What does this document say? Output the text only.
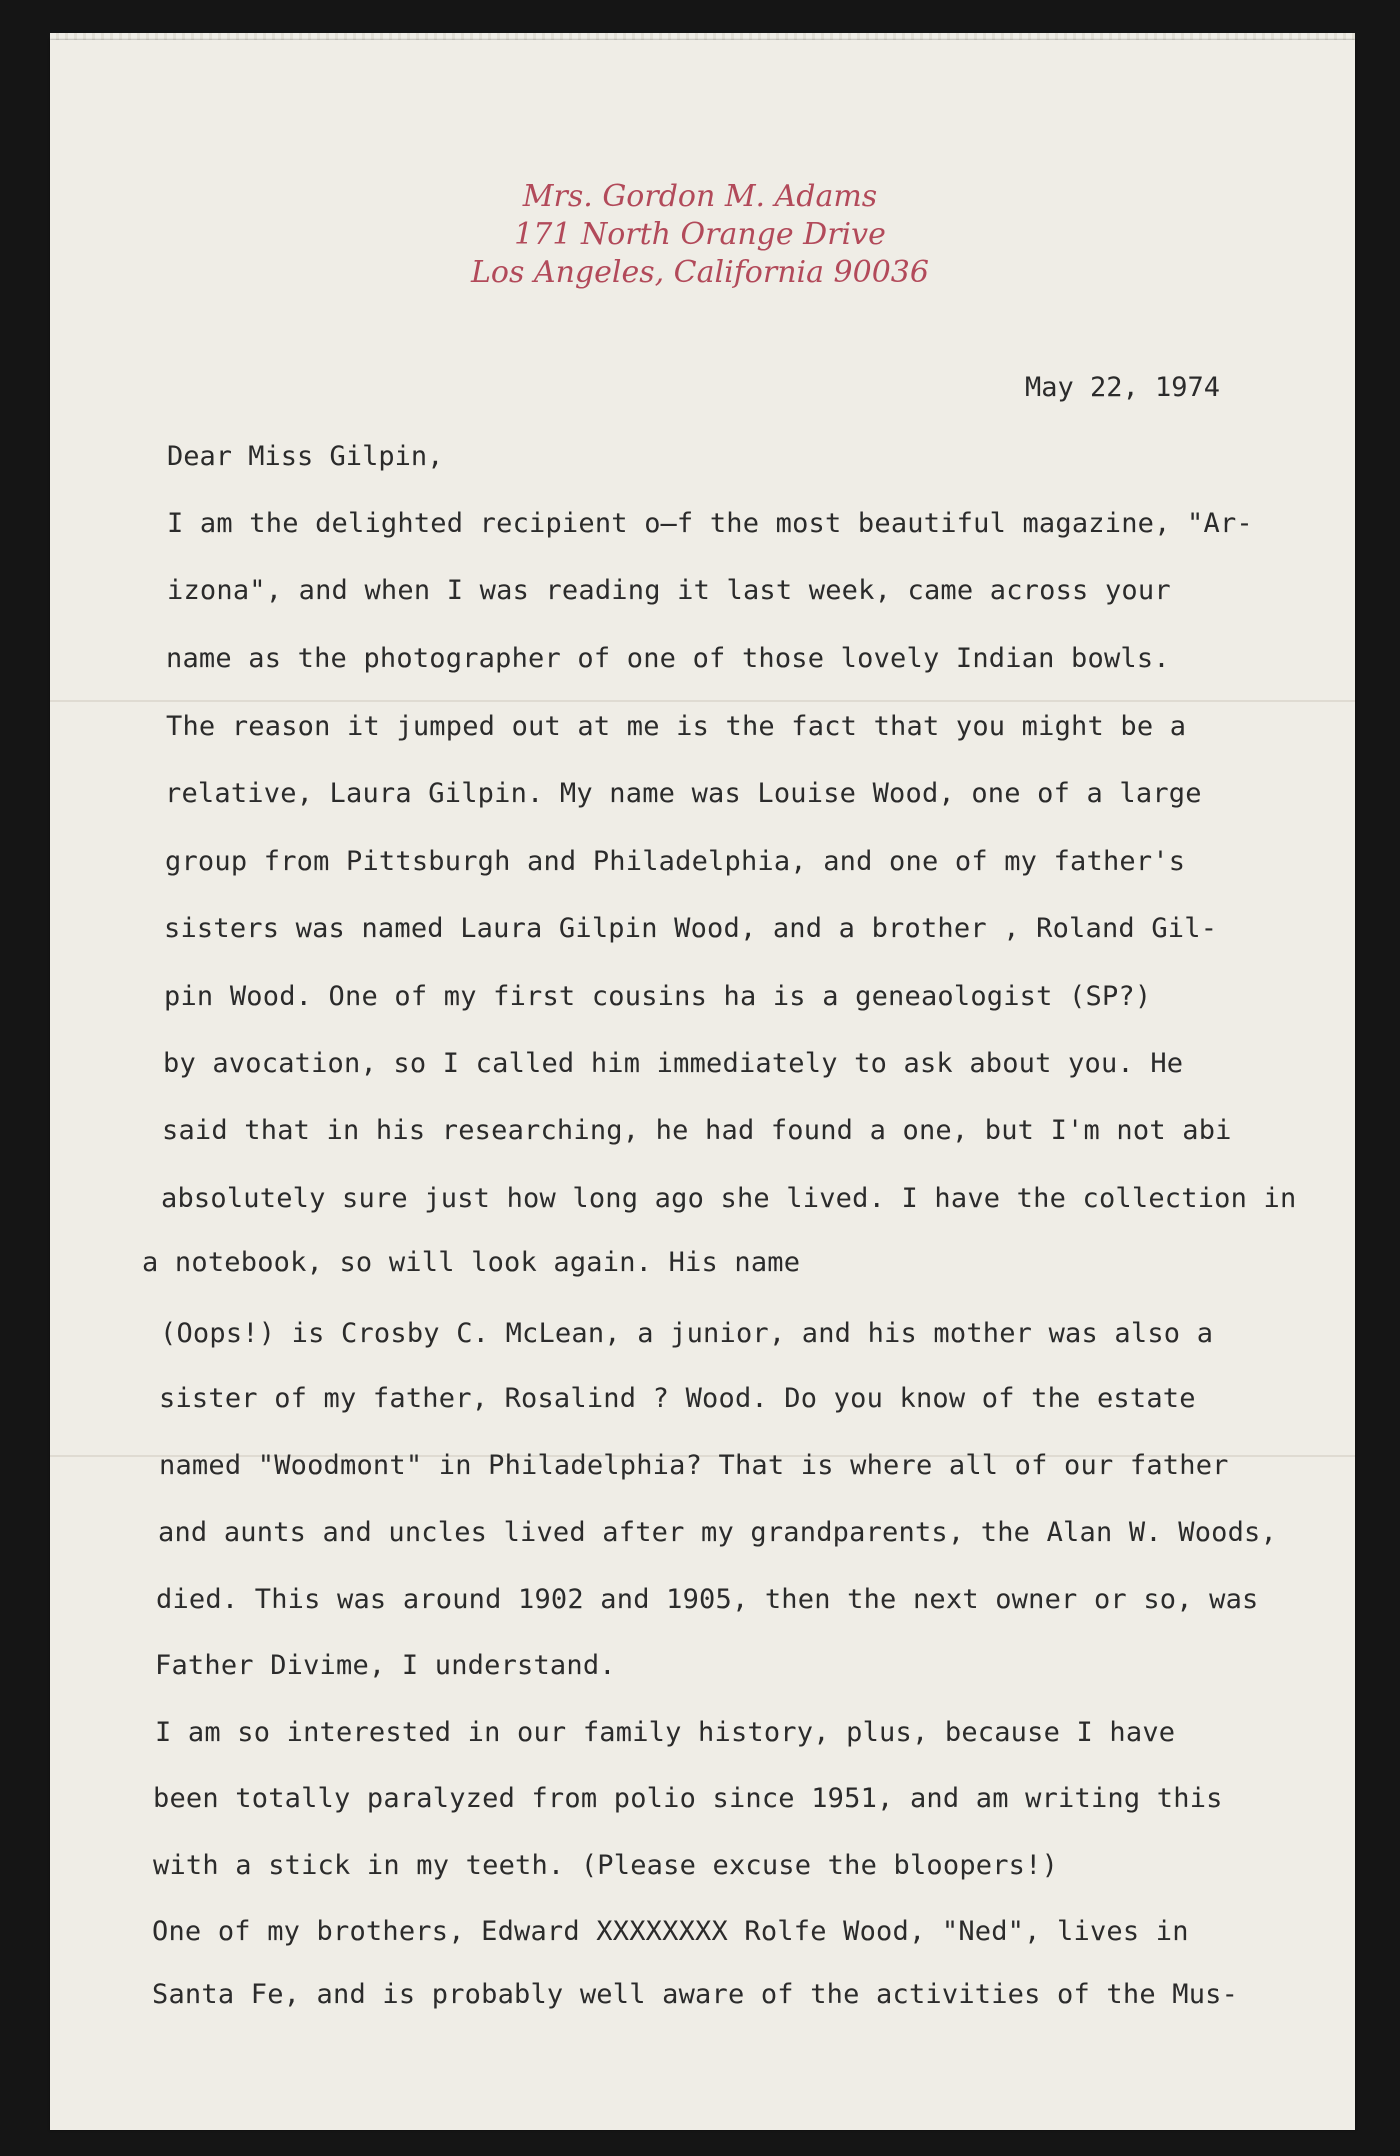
Mrs. Gordon M. Adams
171 North Orange Drive
Los Angeles, California 90036
May 22, 1974
Dear Miss Gilpin,
I am the delighted recipient o̶f the most beautiful magazine, "Ar-
izona", and when I was reading it last week, came across your
name as the photographer of one of those lovely Indian bowls.
The reason it jumped out at me is the fact that you might be a
relative, Laura Gilpin. My name was Louise Wood, one of a large
group from Pittsburgh and Philadelphia, and one of my father's
sisters was named Laura Gilpin Wood, and a brother , Roland Gil-
pin Wood. One of my first cousins ha is a geneaologist (SP?)
by avocation, so I called him immediately to ask about you. He
said that in his researching, he had found a one, but I'm not abi
absolutely sure just how long ago she lived. I have the collection in
a notebook, so will look again. His name
(Oops!) is Crosby C. McLean, a junior, and his mother was also a
sister of my father, Rosalind ? Wood. Do you know of the estate
named "Woodmont" in Philadelphia? That is where all of our father
and aunts and uncles lived after my grandparents, the Alan W. Woods,
died. This was around 1902 and 1905, then the next owner or so, was
Father Divime, I understand.
I am so interested in our family history, plus, because I have
been totally paralyzed from polio since 1951, and am writing this
with a stick in my teeth. (Please excuse the bloopers!)
One of my brothers, Edward XXXXXXXX Rolfe Wood, "Ned", lives in
Santa Fe, and is probably well aware of the activities of the Mus-
